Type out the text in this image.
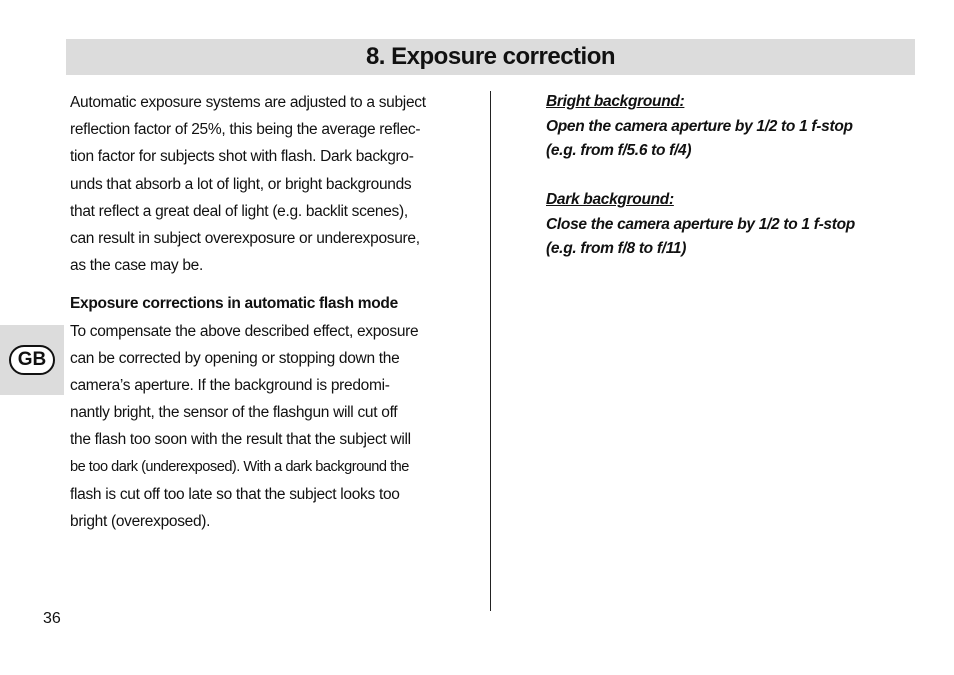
8. Exposure correction

Automatic exposure systems are adjusted to a subject

reflection factor of 25%, this being the average reflec-

tion factor for subjects shot with flash. Dark backgro-

unds that absorb a lot of light, or bright backgrounds

that reflect a great deal of light (e.g. backlit scenes),

can result in subject overexposure or underexposure,

as the case may be.

Exposure corrections in automatic flash mode

To compensate the above described effect, exposure

can be corrected by opening or stopping down the

camera’s aperture. If the background is predomi-

nantly bright, the sensor of the flashgun will cut off

the flash too soon with the result that the subject will

be too dark (underexposed). With a dark background the

flash is cut off too late so that the subject looks too

bright (overexposed).

Bright background:

Open the camera aperture by 1/2 to 1 f-stop

(e.g. from f/5.6 to f/4)

Dark background:

Close the camera aperture by 1/2 to 1 f-stop

(e.g. from f/8 to f/11)

GB
36
